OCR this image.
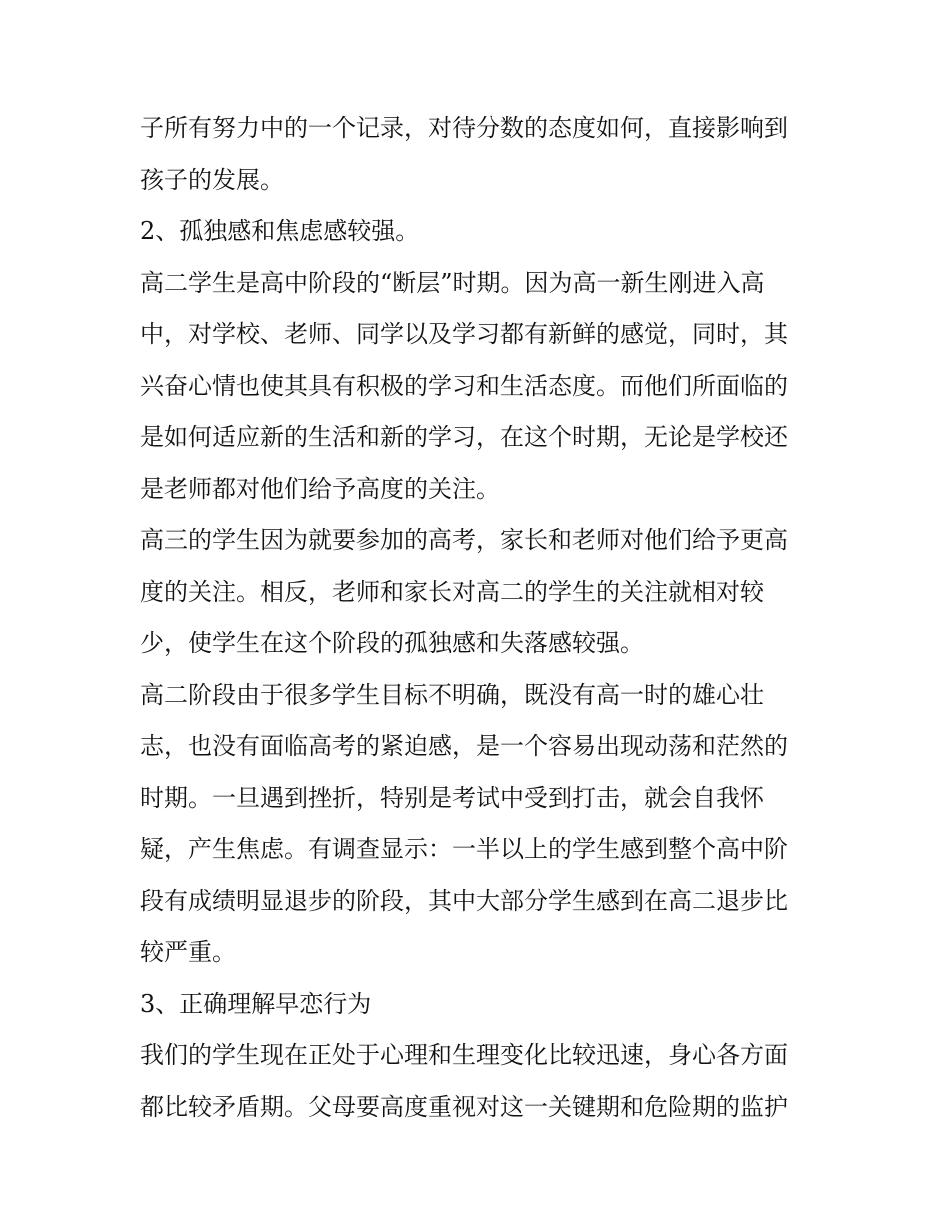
子所有努力中的一个记录，对待分数的态度如何，直接影响到
孩子的发展。
2、孤独感和焦虑感较强。
高二学生是高中阶段的“断层”时期。因为高一新生刚进入高
中，对学校、老师、同学以及学习都有新鲜的感觉，同时，其
兴奋心情也使其具有积极的学习和生活态度。而他们所面临的
是如何适应新的生活和新的学习，在这个时期，无论是学校还
是老师都对他们给予高度的关注。
高三的学生因为就要参加的高考，家长和老师对他们给予更高
度的关注。相反，老师和家长对高二的学生的关注就相对较
少，使学生在这个阶段的孤独感和失落感较强。
高二阶段由于很多学生目标不明确，既没有高一时的雄心壮
志，也没有面临高考的紧迫感，是一个容易出现动荡和茫然的
时期。一旦遇到挫折，特别是考试中受到打击，就会自我怀
疑，产生焦虑。有调查显示：一半以上的学生感到整个高中阶
段有成绩明显退步的阶段，其中大部分学生感到在高二退步比
较严重。
3、正确理解早恋行为
我们的学生现在正处于心理和生理变化比较迅速，身心各方面
都比较矛盾期。父母要高度重视对这一关键期和危险期的监护
